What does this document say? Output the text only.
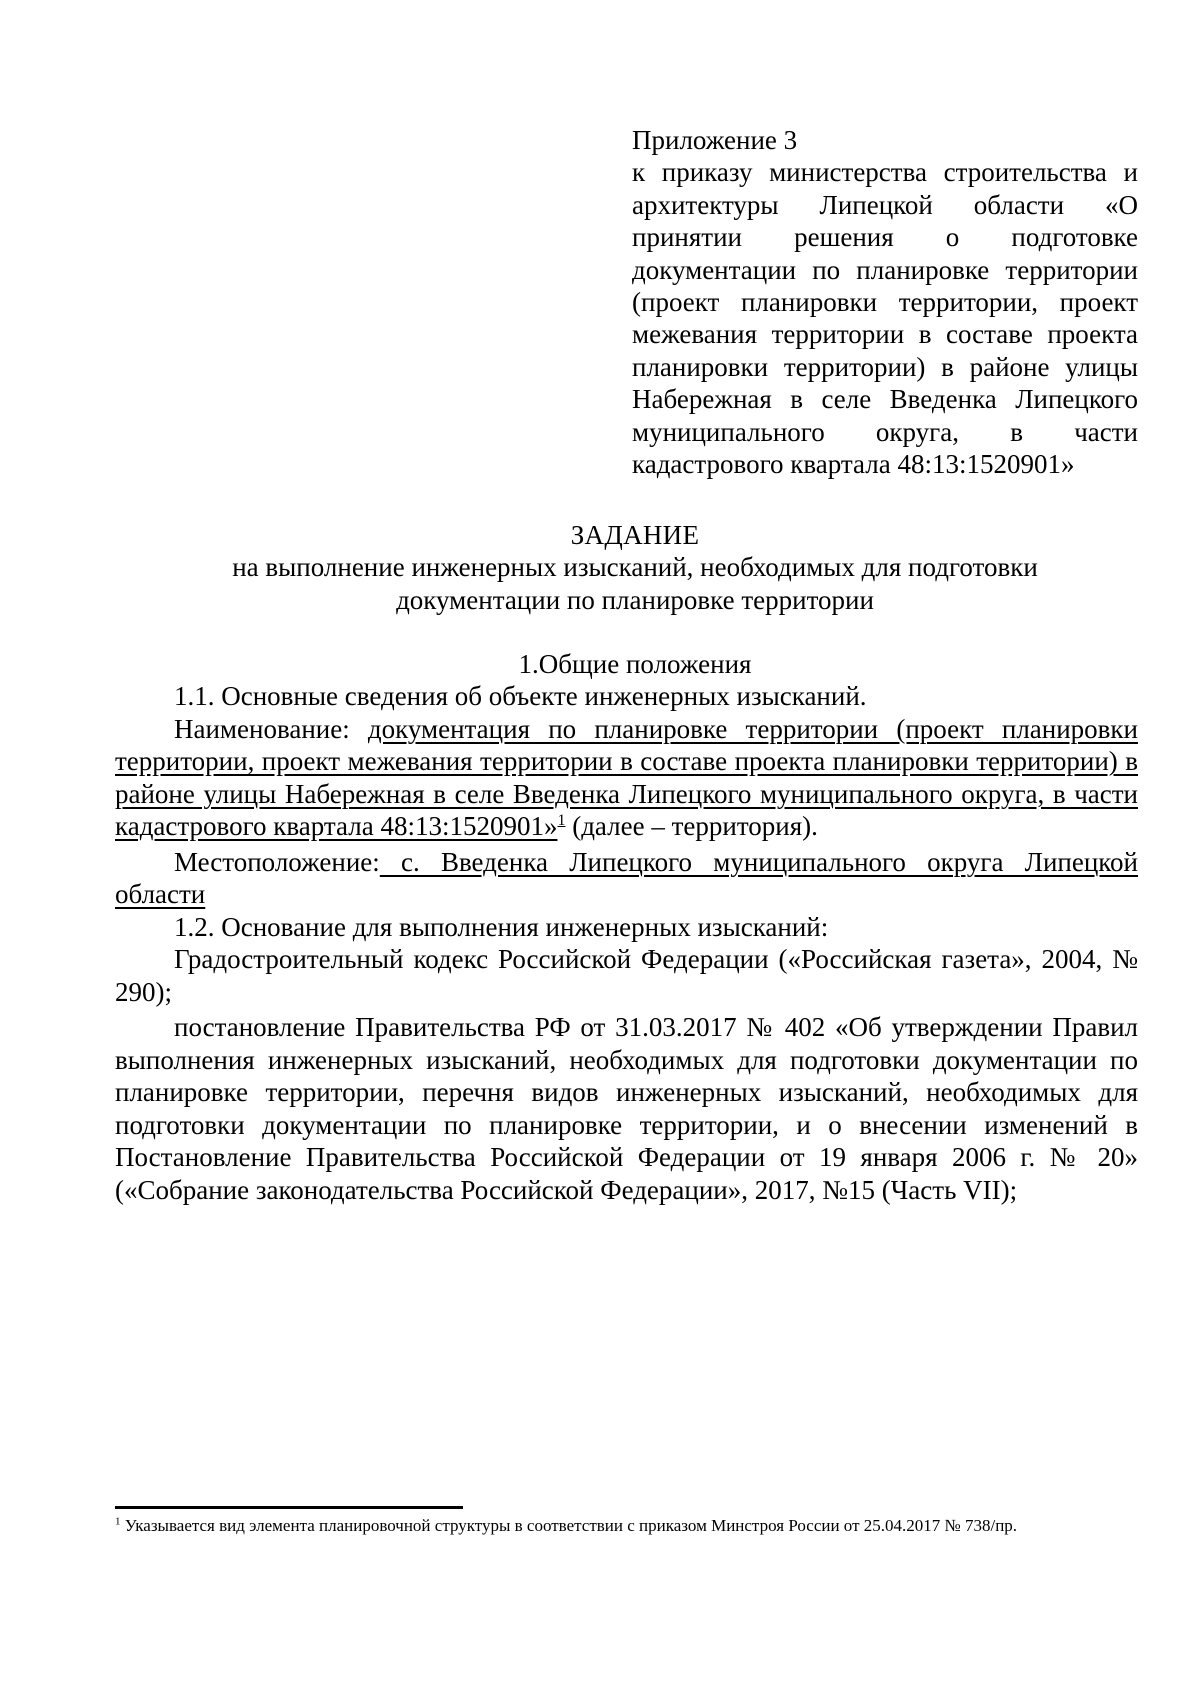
Приложение 3
к приказу министерства строительства и архитектуры Липецкой области «О принятии решения о подготовке документации по планировке территории (проект планировки территории, проект межевания территории в составе проекта планировки территории) в районе улицы Набережная в селе Введенка Липецкого муниципального округа, в части кадастрового квартала 48:13:1520901»
ЗАДАНИЕ
на выполнение инженерных изысканий, необходимых для подготовки
документации по планировке территории
1.Общие положения

1.1. Основные сведения об объекте инженерных изысканий.

Наименование: документация по планировке территории (проект планировки территории, проект межевания территории в составе проекта планировки территории) в районе улицы Набережная в селе Введенка Липецкого муниципального округа, в части кадастрового квартала 48:13:1520901»$^1$ (далее – территория).

Местоположение: с. Введенка Липецкого муниципального округа Липецкой области

1.2. Основание для выполнения инженерных изысканий:

Градостроительный кодекс Российской Федерации («Российская газета», 2004, № 290);

постановление Правительства РФ от 31.03.2017 № 402 «Об утверждении Правил выполнения инженерных изысканий, необходимых для подготовки документации по планировке территории, перечня видов инженерных изысканий, необходимых для подготовки документации по планировке территории, и о внесении изменений в Постановление Правительства Российской Федерации от 19 января 2006 г. № 20» («Собрание законодательства Российской Федерации», 2017, №15 (Часть VII);

$^1$ Указывается вид элемента планировочной структуры в соответствии с приказом Минстроя России от 25.04.2017 № 738/пр.
